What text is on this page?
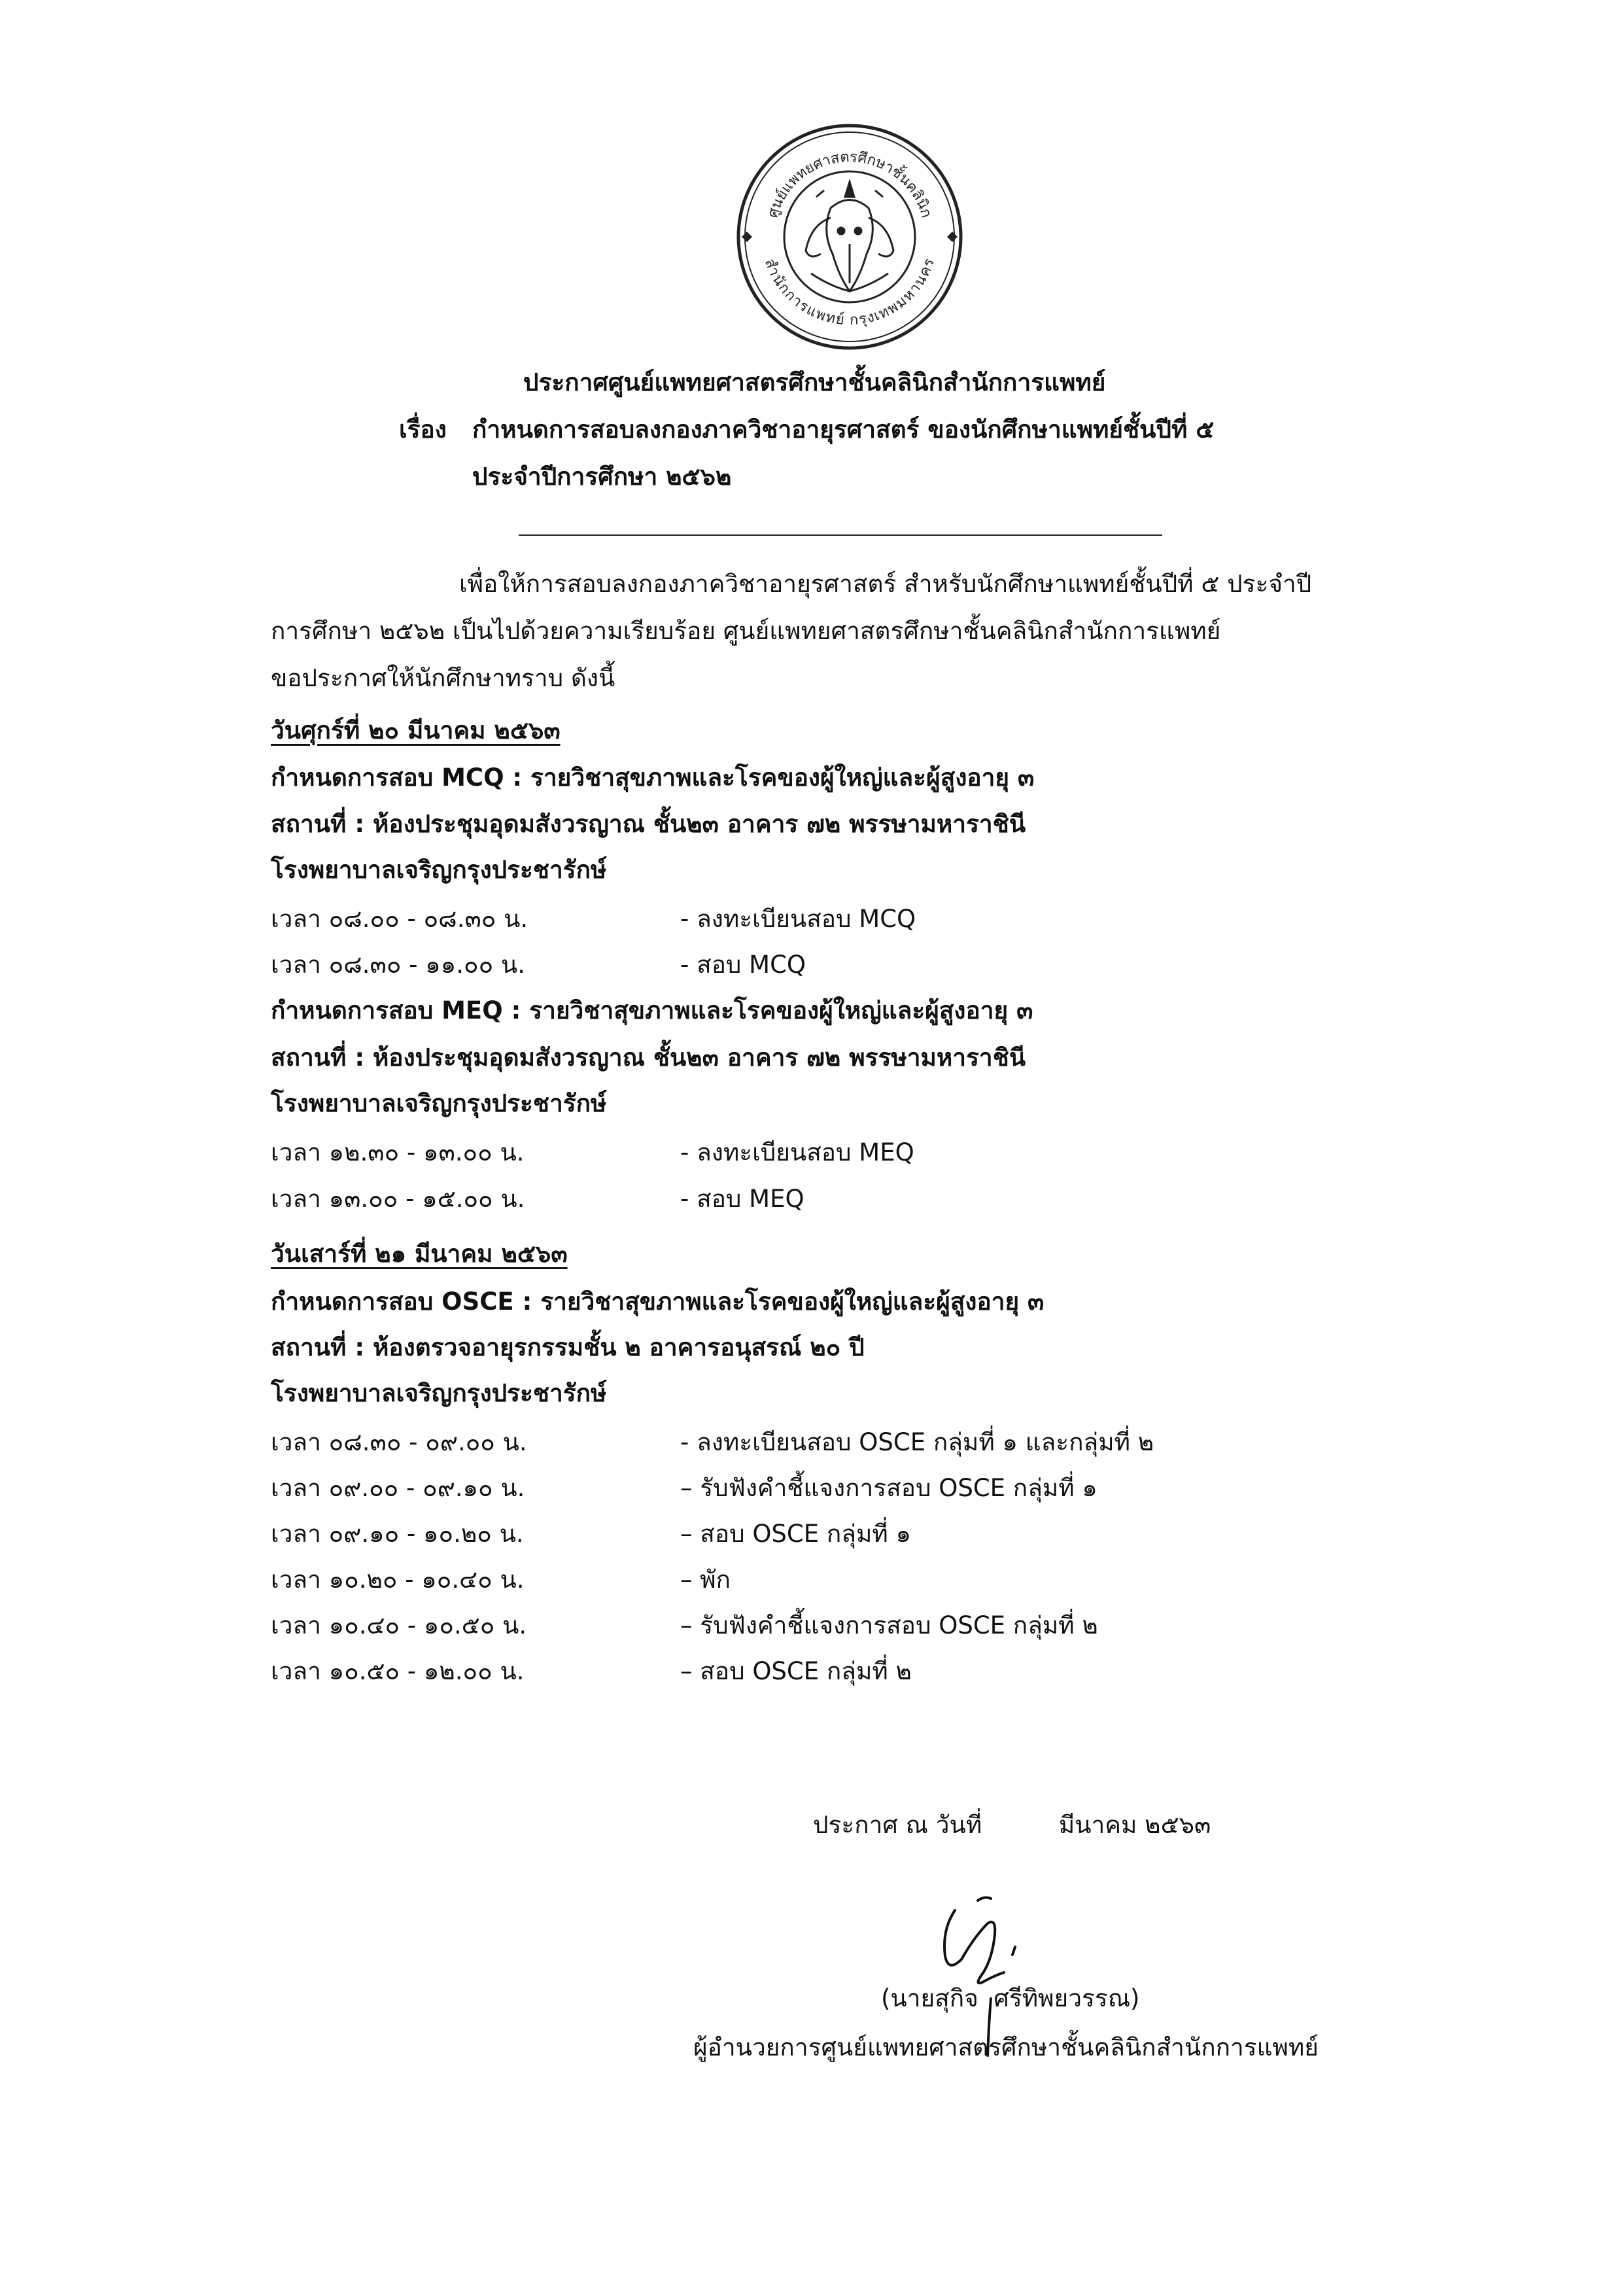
ศูนย์แพทยศาสตรศึกษาชั้นคลินิก
สำนักการแพทย์ กรุงเทพมหานคร
ประกาศศูนย์แพทยศาสตรศึกษาชั้นคลินิกสำนักการแพทย์
เรื่อง กำหนดการสอบลงกองภาควิชาอายุรศาสตร์ ของนักศึกษาแพทย์ชั้นปีที่ ๕
ประจำปีการศึกษา ๒๕๖๒
เพื่อให้การสอบลงกองภาควิชาอายุรศาสตร์ สำหรับนักศึกษาแพทย์ชั้นปีที่ ๕ ประจำปี
การศึกษา ๒๕๖๒ เป็นไปด้วยความเรียบร้อย ศูนย์แพทยศาสตรศึกษาชั้นคลินิกสำนักการแพทย์
ขอประกาศให้นักศึกษาทราบ ดังนี้
วันศุกร์ที่ ๒๐ มีนาคม ๒๕๖๓
กำหนดการสอบ MCQ : รายวิชาสุขภาพและโรคของผู้ใหญ่และผู้สูงอายุ ๓
สถานที่ : ห้องประชุมอุดมสังวรญาณ ชั้น๒๓ อาคาร ๗๒ พรรษามหาราชินี
โรงพยาบาลเจริญกรุงประชารักษ์
เวลา ๐๘.๐๐ - ๐๘.๓๐ น.	- ลงทะเบียนสอบ MCQ
เวลา ๐๘.๓๐ - ๑๑.๐๐ น.	- สอบ MCQ
กำหนดการสอบ MEQ : รายวิชาสุขภาพและโรคของผู้ใหญ่และผู้สูงอายุ ๓
สถานที่ : ห้องประชุมอุดมสังวรญาณ ชั้น๒๓ อาคาร ๗๒ พรรษามหาราชินี
โรงพยาบาลเจริญกรุงประชารักษ์
เวลา ๑๒.๓๐ - ๑๓.๐๐ น.	- ลงทะเบียนสอบ MEQ
เวลา ๑๓.๐๐ - ๑๕.๐๐ น.	- สอบ MEQ
วันเสาร์ที่ ๒๑ มีนาคม ๒๕๖๓
กำหนดการสอบ OSCE : รายวิชาสุขภาพและโรคของผู้ใหญ่และผู้สูงอายุ ๓
สถานที่ : ห้องตรวจอายุรกรรมชั้น ๒ อาคารอนุสรณ์ ๒๐ ปี
โรงพยาบาลเจริญกรุงประชารักษ์
เวลา ๐๘.๓๐ - ๐๙.๐๐ น.	- ลงทะเบียนสอบ OSCE กลุ่มที่ ๑ และกลุ่มที่ ๒
เวลา ๐๙.๐๐ - ๐๙.๑๐ น.	– รับฟังคำชี้แจงการสอบ OSCE กลุ่มที่ ๑
เวลา ๐๙.๑๐ - ๑๐.๒๐ น.	– สอบ OSCE กลุ่มที่ ๑
เวลา ๑๐.๒๐ - ๑๐.๔๐ น.	– พัก
เวลา ๑๐.๔๐ - ๑๐.๕๐ น.	– รับฟังคำชี้แจงการสอบ OSCE กลุ่มที่ ๒
เวลา ๑๐.๕๐ - ๑๒.๐๐ น.	– สอบ OSCE กลุ่มที่ ๒
ประกาศ ณ วันที่          มีนาคม ๒๕๖๓
(นายสุกิจ  ศรีทิพยวรรณ)
ผู้อำนวยการศูนย์แพทยศาสตรศึกษาชั้นคลินิกสำนักการแพทย์
